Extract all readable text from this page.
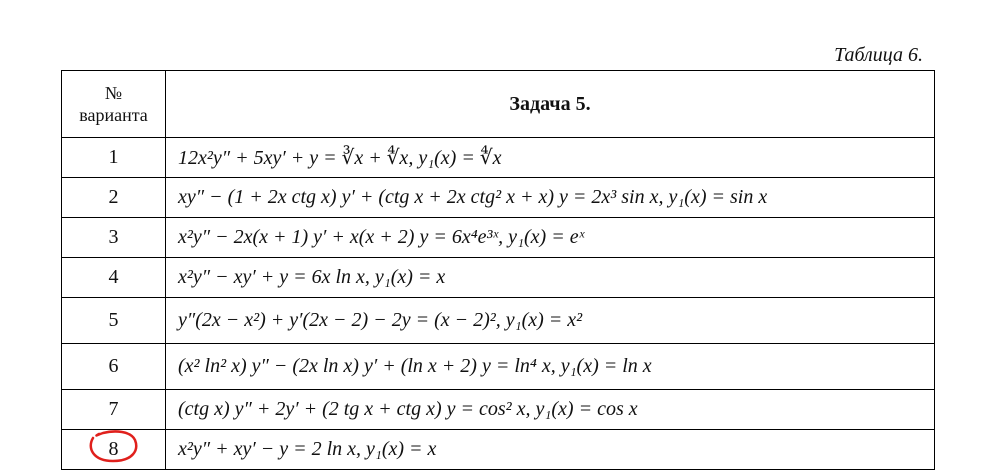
Таблица 6.
№
варианта	Задача 5.
1	12x²y″ + 5xy′ + y = ∛x + ∜x, y₁(x) = ∜x
2	xy″ − (1 + 2x ctg x) y′ + (ctg x + 2x ctg² x + x) y = 2x³ sin x, y₁(x) = sin x
3	x²y″ − 2x(x + 1) y′ + x(x + 2) y = 6x⁴e³ˣ, y₁(x) = eˣ
4	x²y″ − xy′ + y = 6x ln x, y₁(x) = x
5	y″(2x − x²) + y′(2x − 2) − 2y = (x − 2)², y₁(x) = x²
6	(x² ln² x) y″ − (2x ln x) y′ + (ln x + 2) y = ln⁴ x, y₁(x) = ln x
7	(ctg x) y″ + 2y′ + (2 tg x + ctg x) y = cos² x, y₁(x) = cos x
8	x²y″ + xy′ − y = 2 ln x, y₁(x) = x
